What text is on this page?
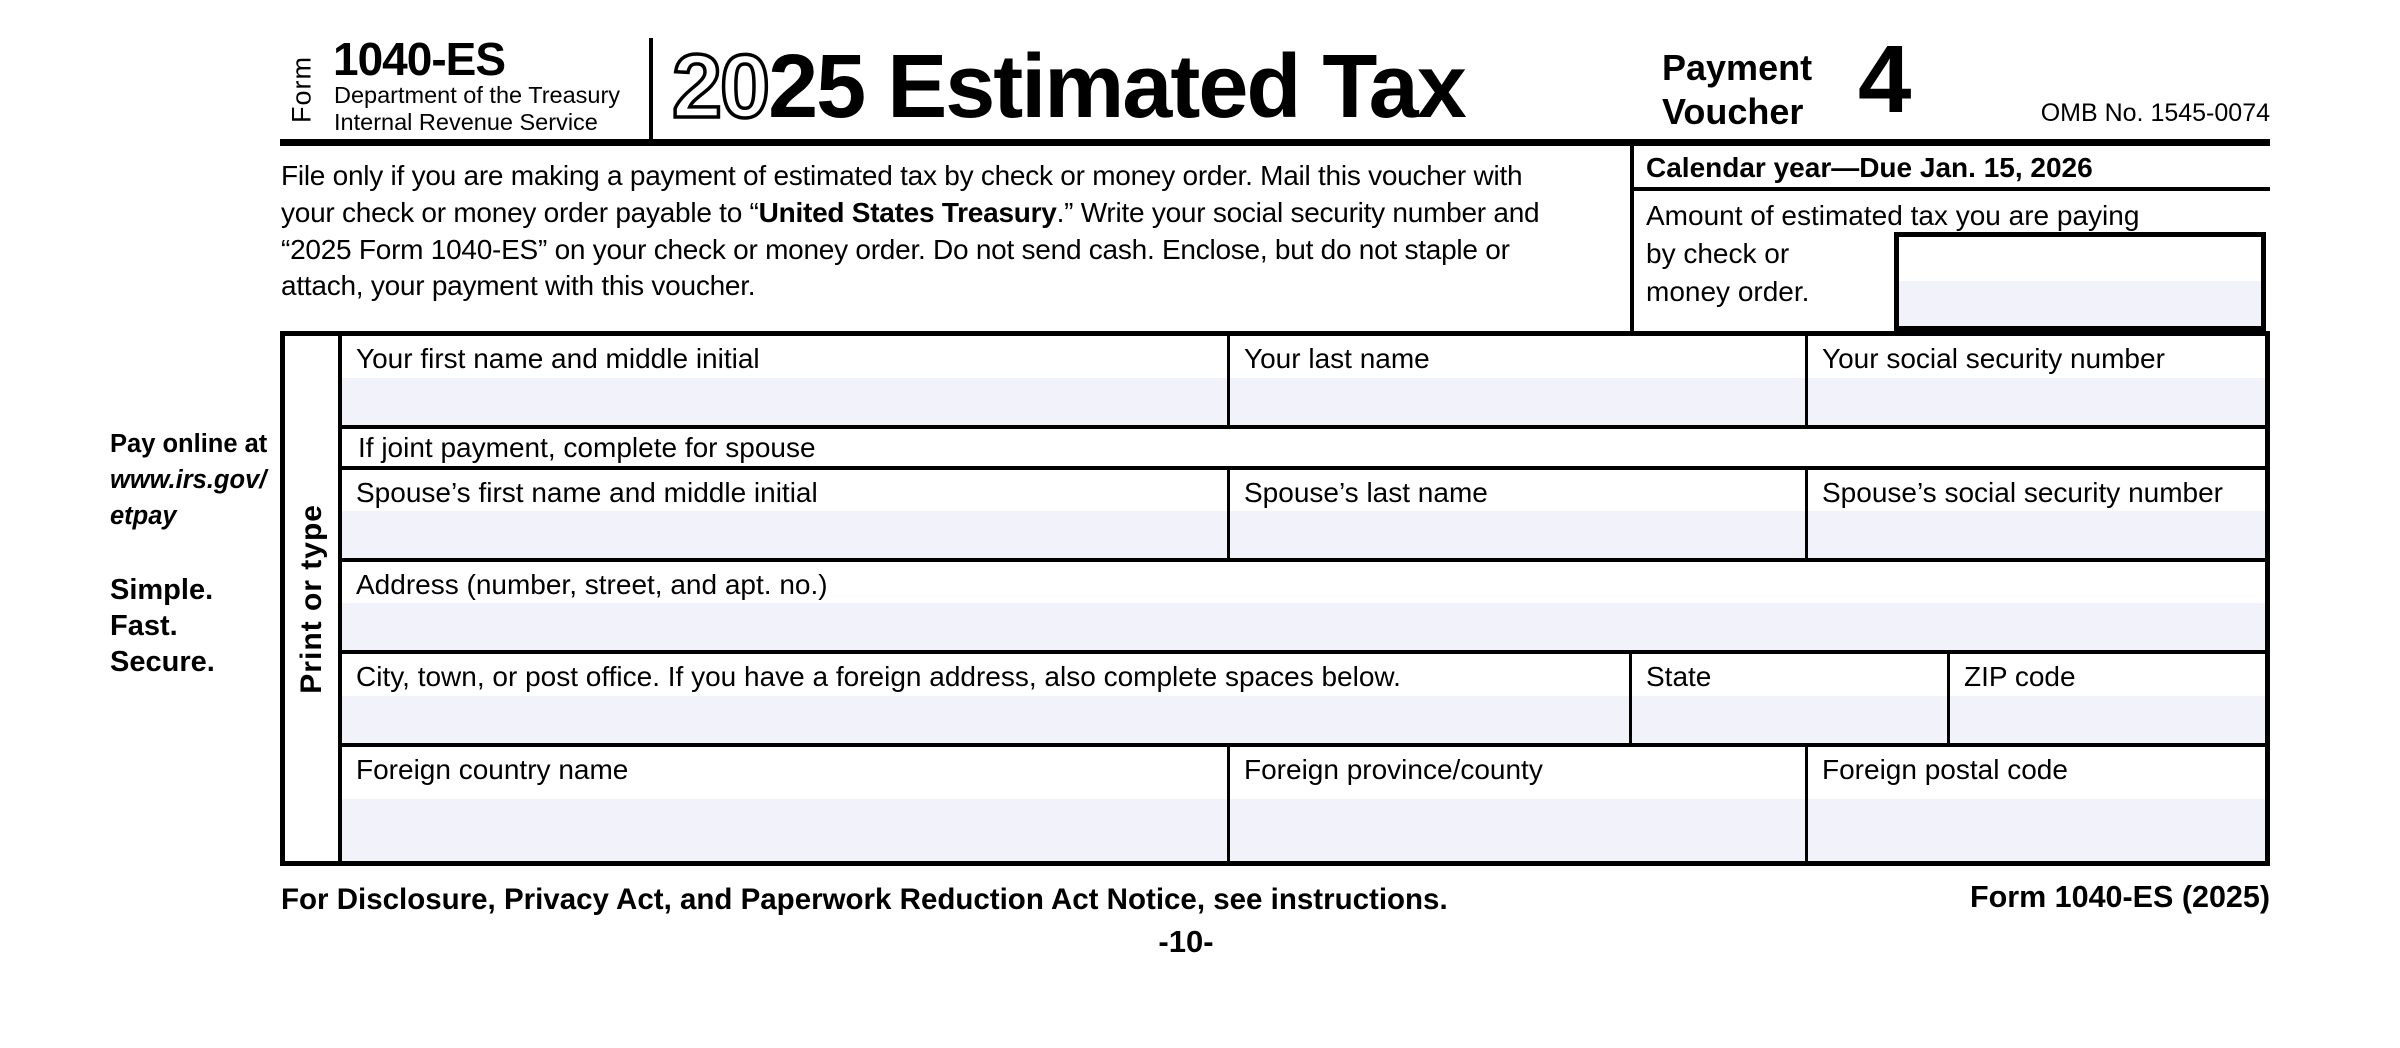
Form 1040-ES
Department of the Treasury
Internal Revenue Service 2025 Estimated Tax	Payment
Voucher 4	OMB No. 1545-0074

File only if you are making a payment of estimated tax by check or money order. Mail this voucher with your check or money order payable to “United States Treasury.” Write your social security number and “2025 Form 1040-ES” on your check or money order. Do not send cash. Enclose, but do not staple or attach, your payment with this voucher.

Calendar year—Due Jan. 15, 2026
Amount of estimated tax you are paying
by check or
money order.
Pay online at
www.irs.gov/
etpay
Simple.
Fast.
Secure.	Print or type
Your first name and middle initial	Your last name	Your social security number
If joint payment, complete for spouse
Spouse’s first name and middle initial	Spouse’s last name	Spouse’s social security number
Address (number, street, and apt. no.)
City, town, or post office. If you have a foreign address, also complete spaces below.	State	ZIP code
Foreign country name	Foreign province/county	Foreign postal code
For Disclosure, Privacy Act, and Paperwork Reduction Act Notice, see instructions.	Form 1040-ES (2025)
-10-
